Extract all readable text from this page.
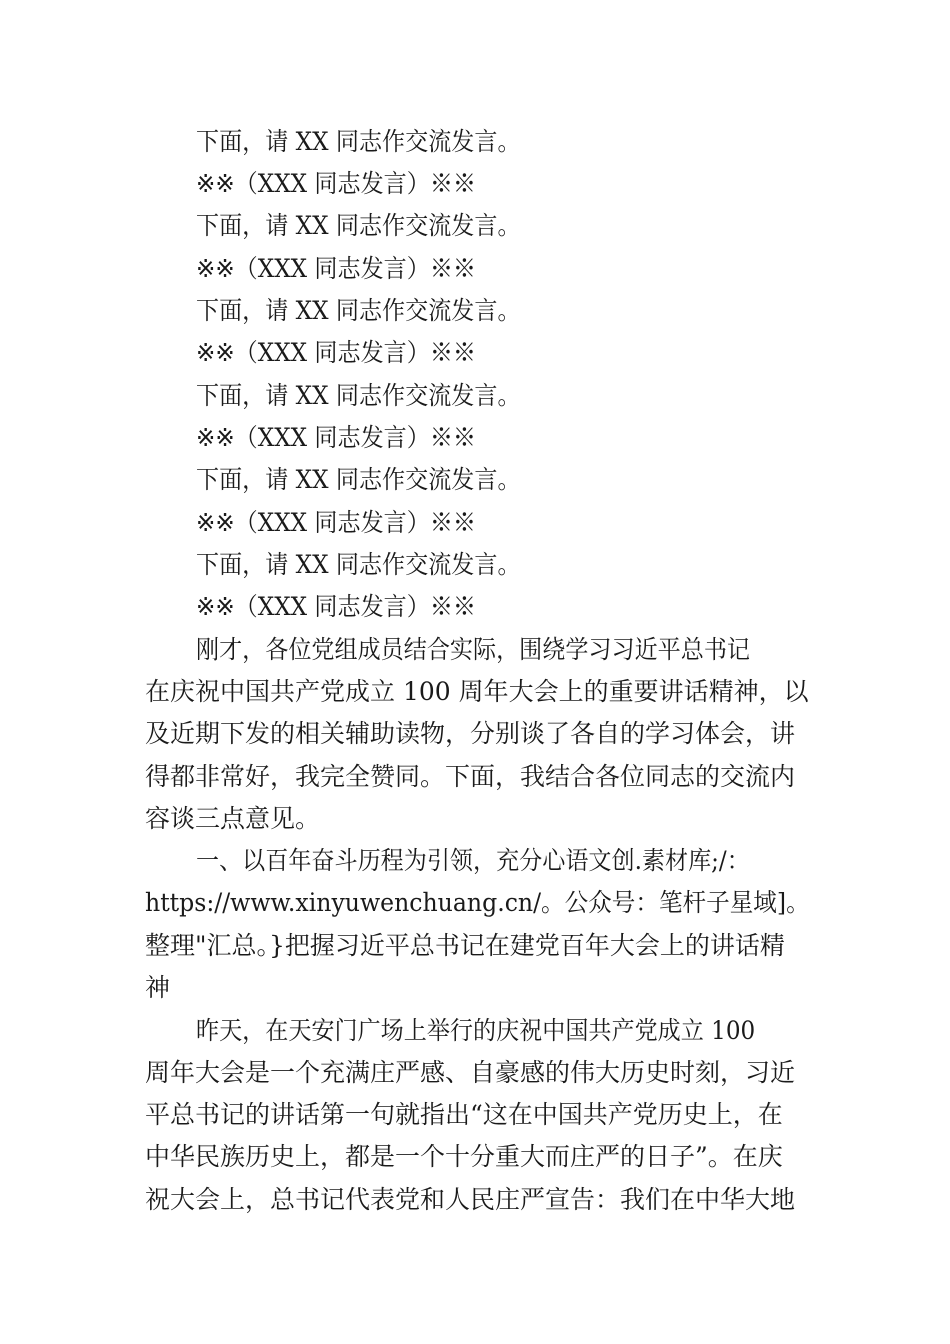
下面，请 XX 同志作交流发言。
※※（XXX 同志发言）※※
下面，请 XX 同志作交流发言。
※※（XXX 同志发言）※※
下面，请 XX 同志作交流发言。
※※（XXX 同志发言）※※
下面，请 XX 同志作交流发言。
※※（XXX 同志发言）※※
下面，请 XX 同志作交流发言。
※※（XXX 同志发言）※※
下面，请 XX 同志作交流发言。
※※（XXX 同志发言）※※
刚才，各位党组成员结合实际，围绕学习习近平总书记
在庆祝中国共产党成立 100 周年大会上的重要讲话精神，以
及近期下发的相关辅助读物，分别谈了各自的学习体会，讲
得都非常好，我完全赞同。下面，我结合各位同志的交流内
容谈三点意见。
一、以百年奋斗历程为引领，充分心语文创.素材库;/：
https://www.xinyuwenchuang.cn/。公众号：笔杆子星域]。
整理"汇总。}把握习近平总书记在建党百年大会上的讲话精
神
昨天，在天安门广场上举行的庆祝中国共产党成立 100
周年大会是一个充满庄严感、自豪感的伟大历史时刻，习近
平总书记的讲话第一句就指出“这在中国共产党历史上，在
中华民族历史上，都是一个十分重大而庄严的日子”。在庆
祝大会上，总书记代表党和人民庄严宣告：我们在中华大地
